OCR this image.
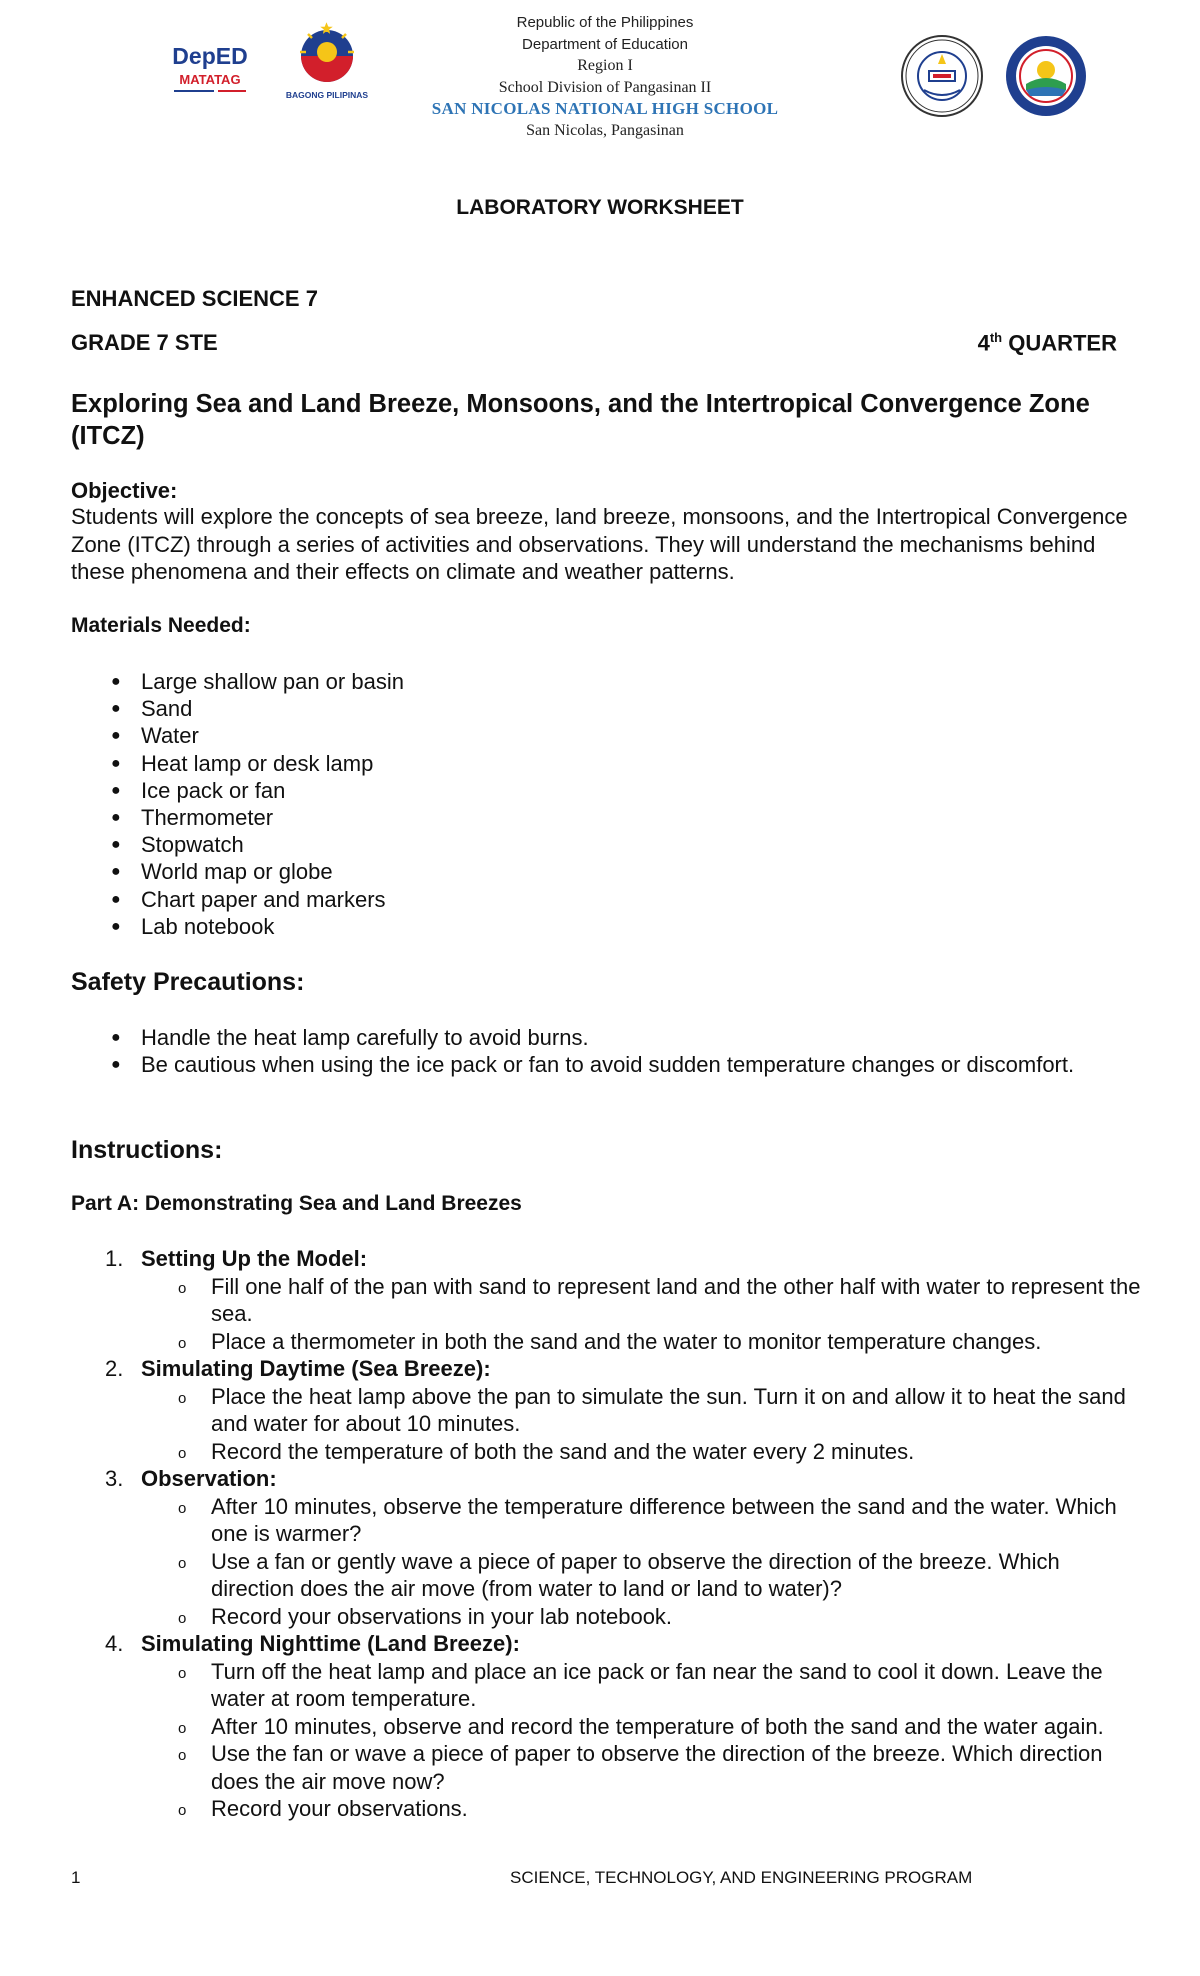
DepED
MATATAG
BAGONG PILIPINAS
Republic of the Philippines
Department of Education
Region I
School Division of Pangasinan II
SAN NICOLAS NATIONAL HIGH SCHOOL
San Nicolas, Pangasinan
LABORATORY WORKSHEET
ENHANCED SCIENCE 7
GRADE 7 STE	4th QUARTER
Exploring Sea and Land Breeze, Monsoons, and the Intertropical Convergence Zone (ITCZ)
Objective:
Students will explore the concepts of sea breeze, land breeze, monsoons, and the Intertropical Convergence Zone (ITCZ) through a series of activities and observations. They will understand the mechanisms behind these phenomena and their effects on climate and weather patterns.
Materials Needed:
● Large shallow pan or basin
● Sand
● Water
● Heat lamp or desk lamp
● Ice pack or fan
● Thermometer
● Stopwatch
● World map or globe
● Chart paper and markers
● Lab notebook
Safety Precautions:
● Handle the heat lamp carefully to avoid burns.
● Be cautious when using the ice pack or fan to avoid sudden temperature changes or discomfort.
Instructions:
Part A: Demonstrating Sea and Land Breezes
1. Setting Up the Model:
o Fill one half of the pan with sand to represent land and the other half with water to represent the sea.
o Place a thermometer in both the sand and the water to monitor temperature changes.
2. Simulating Daytime (Sea Breeze):
o Place the heat lamp above the pan to simulate the sun. Turn it on and allow it to heat the sand and water for about 10 minutes.
o Record the temperature of both the sand and the water every 2 minutes.
3. Observation:
o After 10 minutes, observe the temperature difference between the sand and the water. Which one is warmer?
o Use a fan or gently wave a piece of paper to observe the direction of the breeze. Which direction does the air move (from water to land or land to water)?
o Record your observations in your lab notebook.
4. Simulating Nighttime (Land Breeze):
o Turn off the heat lamp and place an ice pack or fan near the sand to cool it down. Leave the water at room temperature.
o After 10 minutes, observe and record the temperature of both the sand and the water again.
o Use the fan or wave a piece of paper to observe the direction of the breeze. Which direction does the air move now?
o Record your observations.
1	SCIENCE, TECHNOLOGY, AND ENGINEERING PROGRAM
